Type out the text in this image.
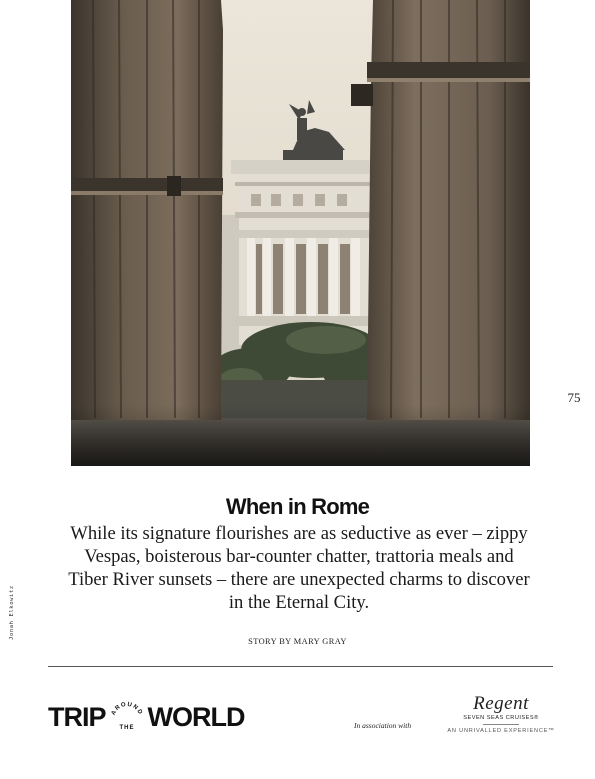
75
Jonah Elkowitz
When in Rome

While its signature flourishes are as seductive as ever – zippy Vespas, boisterous bar-counter chatter, trattoria meals and Tiber River sunsets – there are unexpected charms to discover in the Eternal City.

STORY BY MARY GRAY
TRIP AROUND
THE WORLD	In association with
Regent
SEVEN SEAS CRUISES®
AN UNRIVALLED EXPERIENCE™
